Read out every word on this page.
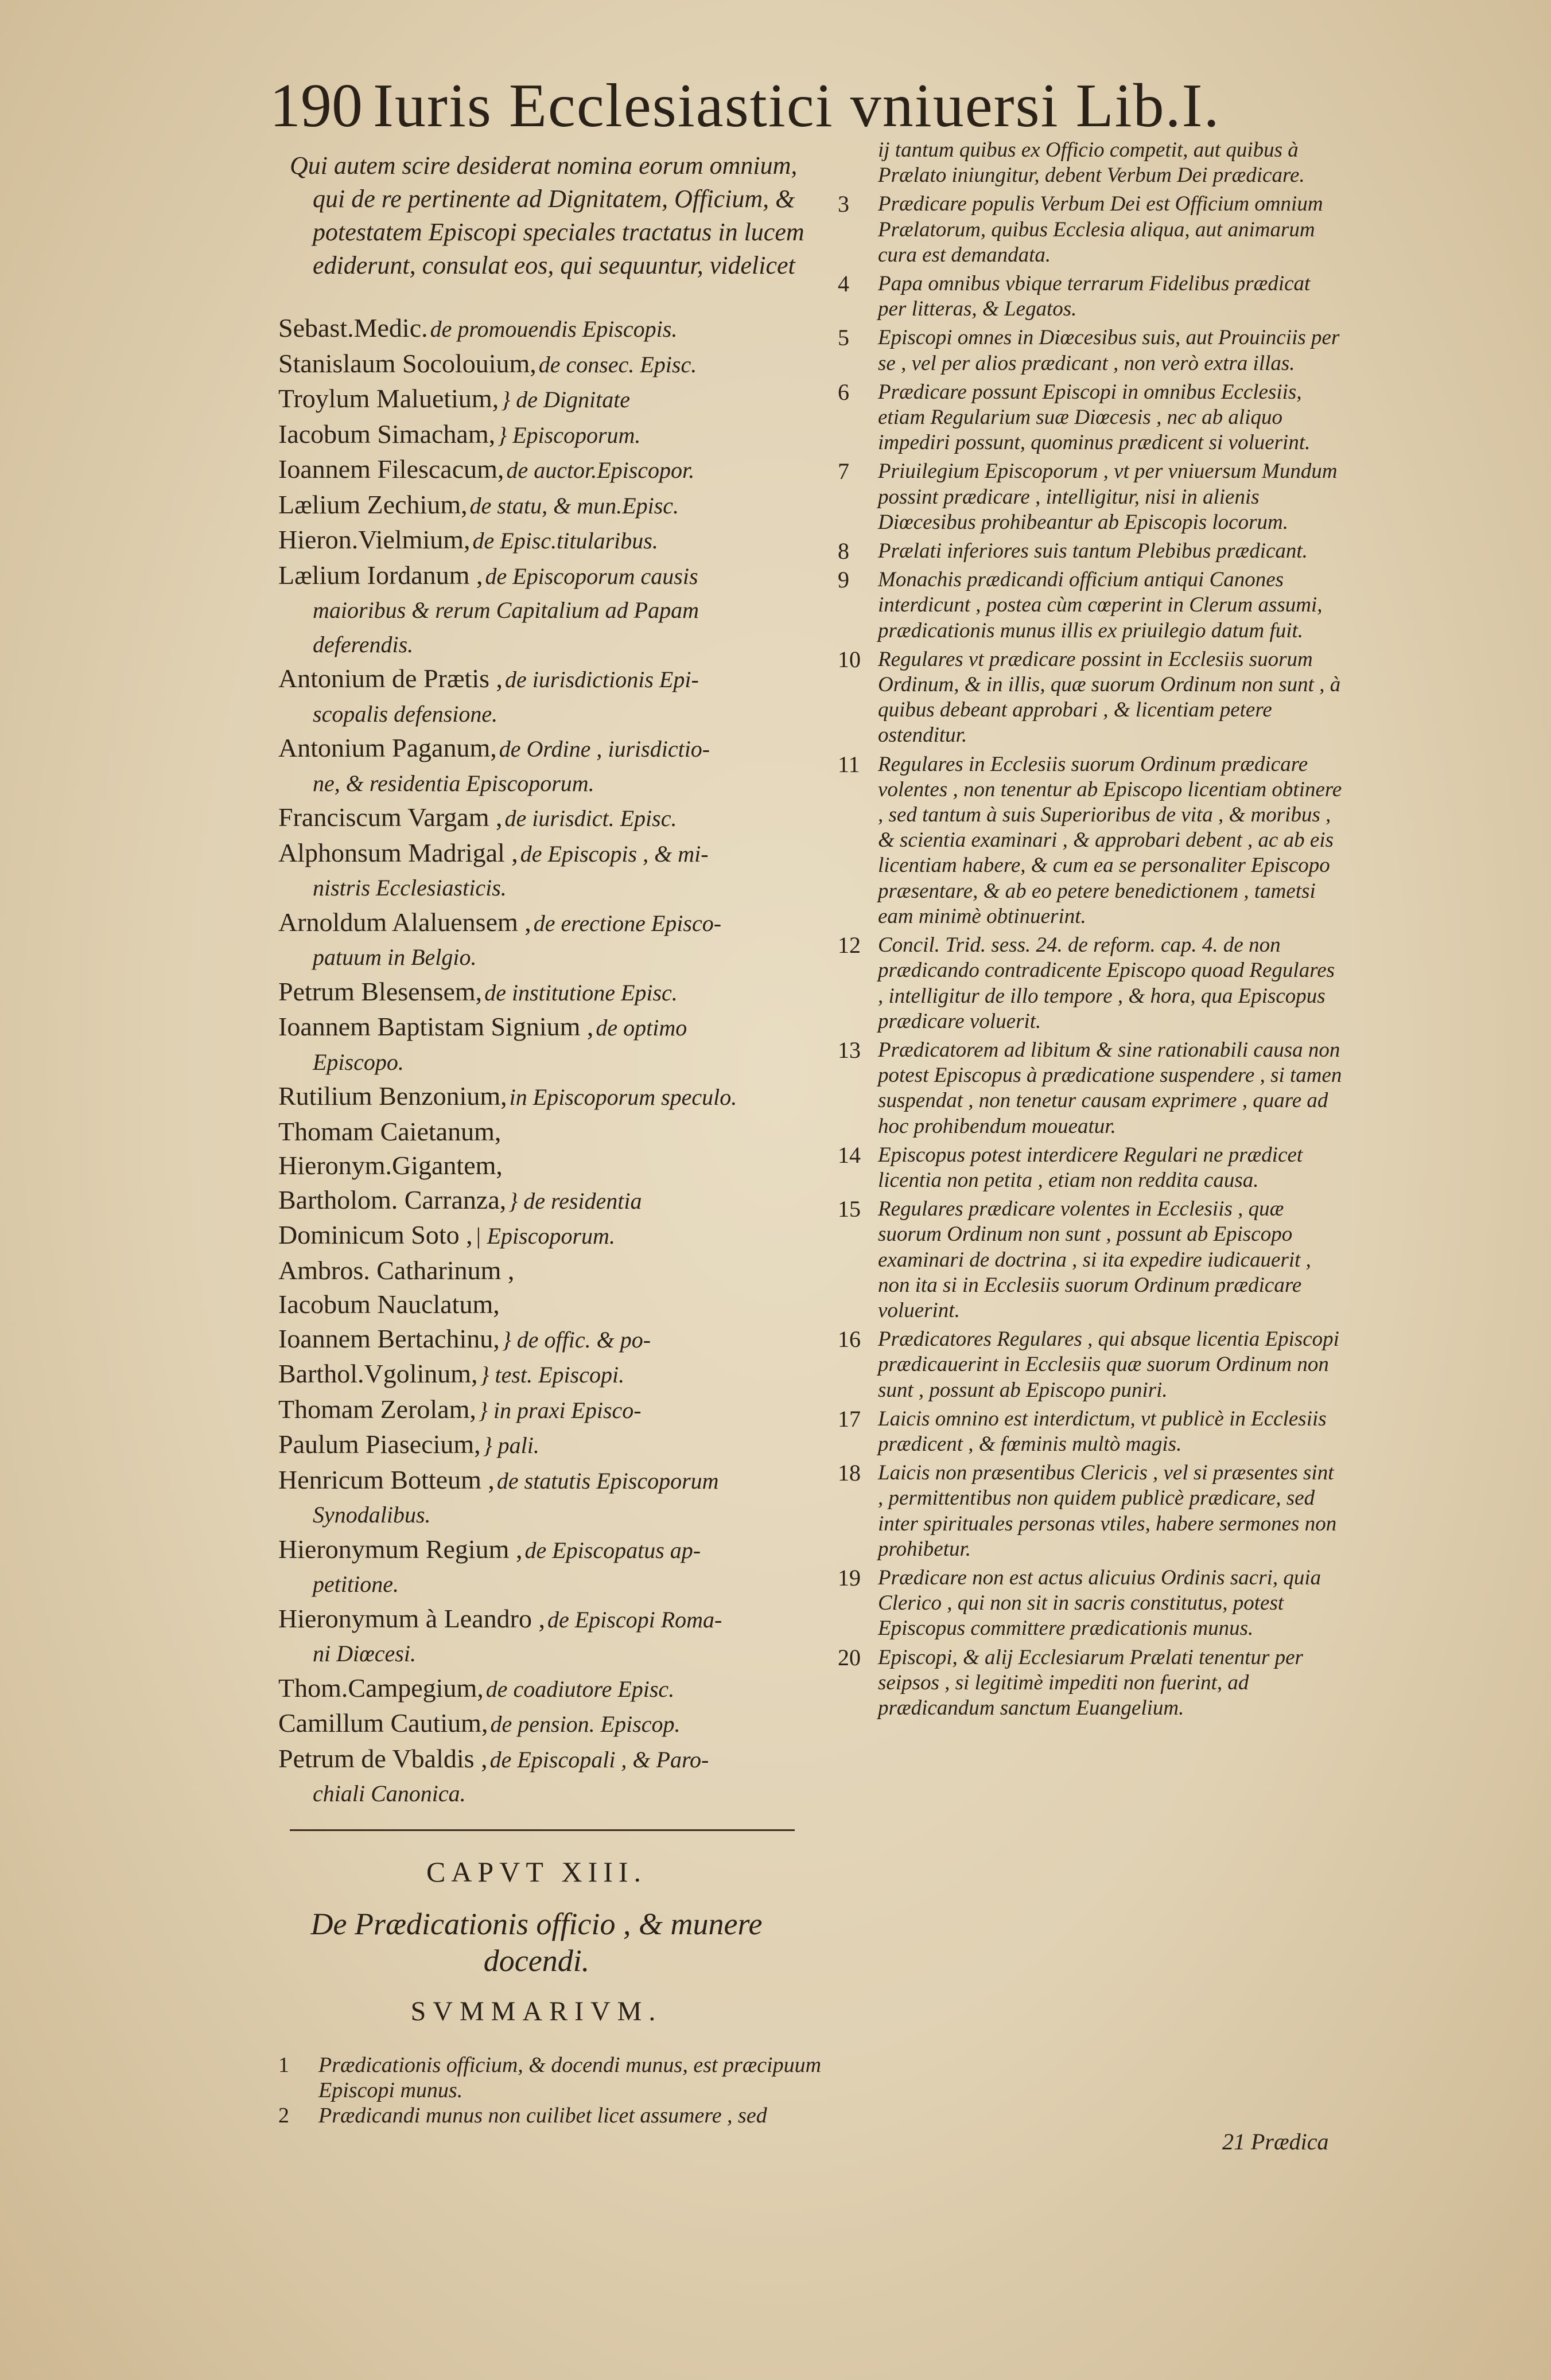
190 Iuris Ecclesiastici vniuersi Lib.I.
Qui autem scire desiderat nomina eorum omnium, qui de re pertinente ad Dignitatem, Officium, & potestatem Episcopi speciales tractatus in lucem ediderunt, consulat eos, qui sequuntur, videlicet
Sebast.Medic. de promouendis Episcopis.
Stanislaum Socolouium, de consec. Episc.
Troylum Maluetium, } de Dignitate
Iacobum Simacham, } Episcoporum.
Ioannem Filescacum, de auctor.Episcopor.
Lælium Zechium, de statu, & mun.Episc.
Hieron.Vielmium, de Episc.titularibus.
Lælium Iordanum , de Episcoporum causis
maioribus & rerum Capitalium ad Papam
deferendis.
Antonium de Prætis , de iurisdictionis Epi-
scopalis defensione.
Antonium Paganum, de Ordine , iurisdictio-
ne, & residentia Episcoporum.
Franciscum Vargam , de iurisdict. Episc.
Alphonsum Madrigal , de Episcopis , & mi-
nistris Ecclesiasticis.
Arnoldum Alaluensem , de erectione Episco-
patuum in Belgio.
Petrum Blesensem, de institutione Episc.
Ioannem Baptistam Signium , de optimo
Episcopo.
Rutilium Benzonium, in Episcoporum speculo.
Thomam Caietanum,
Hieronym.Gigantem,
Bartholom. Carranza, } de residentia
Dominicum Soto , | Episcoporum.
Ambros. Catharinum ,
Iacobum Nauclatum,
Ioannem Bertachinu, } de offic. & po-
Barthol.Vgolinum, } test. Episcopi.
Thomam Zerolam, } in praxi Episco-
Paulum Piasecium, } pali.
Henricum Botteum , de statutis Episcoporum
Synodalibus.
Hieronymum Regium , de Episcopatus ap-
petitione.
Hieronymum à Leandro , de Episcopi Roma-
ni Diœcesi.
Thom.Campegium, de coadiutore Episc.
Camillum Cautium, de pension. Episcop.
Petrum de Vbaldis , de Episcopali , & Paro-
chiali Canonica.
CAPVT XIII.
De Prædicationis officio , & munere docendi.
SVMMARIVM.
1	Prædicationis officium, & docendi munus, est præcipuum Episcopi munus.
2	Prædicandi munus non cuilibet licet assumere , sed
ij tantum quibus ex Officio competit, aut quibus à Prælato iniungitur, debent Verbum Dei prædicare.
3	Prædicare populis Verbum Dei est Officium omnium Prælatorum, quibus Ecclesia aliqua, aut animarum cura est demandata.
4	Papa omnibus vbique terrarum Fidelibus prædicat per litteras, & Legatos.
5	Episcopi omnes in Diœcesibus suis, aut Prouinciis per se , vel per alios prædicant , non verò extra illas.
6	Prædicare possunt Episcopi in omnibus Ecclesiis, etiam Regularium suæ Diœcesis , nec ab aliquo impediri possunt, quominus prædicent si voluerint.
7	Priuilegium Episcoporum , vt per vniuersum Mundum possint prædicare , intelligitur, nisi in alienis Diœcesibus prohibeantur ab Episcopis locorum.
8	Prælati inferiores suis tantum Plebibus prædicant.
9	Monachis prædicandi officium antiqui Canones interdicunt , postea cùm cœperint in Clerum assumi, prædicationis munus illis ex priuilegio datum fuit.
10 Regulares vt prædicare possint in Ecclesiis suorum Ordinum, & in illis, quæ suorum Ordinum non sunt , à quibus debeant approbari , & licentiam petere ostenditur.
11 Regulares in Ecclesiis suorum Ordinum prædicare volentes , non tenentur ab Episcopo licentiam obtinere , sed tantum à suis Superioribus de vita , & moribus , & scientia examinari , & approbari debent , ac ab eis licentiam habere, & cum ea se personaliter Episcopo præsentare, & ab eo petere benedictionem , tametsi eam minimè obtinuerint.
12 Concil. Trid. sess. 24. de reform. cap. 4. de non prædicando contradicente Episcopo quoad Regulares , intelligitur de illo tempore , & hora, qua Episcopus prædicare voluerit.
13 Prædicatorem ad libitum & sine rationabili causa non potest Episcopus à prædicatione suspendere , si tamen suspendat , non tenetur causam exprimere , quare ad hoc prohibendum moueatur.
14 Episcopus potest interdicere Regulari ne prædicet licentia non petita , etiam non reddita causa.
15 Regulares prædicare volentes in Ecclesiis , quæ suorum Ordinum non sunt , possunt ab Episcopo examinari de doctrina , si ita expedire iudicauerit , non ita si in Ecclesiis suorum Ordinum prædicare voluerint.
16 Prædicatores Regulares , qui absque licentia Episcopi prædicauerint in Ecclesiis quæ suorum Ordinum non sunt , possunt ab Episcopo puniri.
17 Laicis omnino est interdictum, vt publicè in Ecclesiis prædicent , & fœminis multò magis.
18 Laicis non præsentibus Clericis , vel si præsentes sint , permittentibus non quidem publicè prædicare, sed inter spirituales personas vtiles, habere sermones non prohibetur.
19 Prædicare non est actus alicuius Ordinis sacri, quia Clerico , qui non sit in sacris constitutus, potest Episcopus committere prædicationis munus.
20 Episcopi, & alij Ecclesiarum Prælati tenentur per seipsos , si legitimè impediti non fuerint, ad prædicandum sanctum Euangelium.
21 Prædica
